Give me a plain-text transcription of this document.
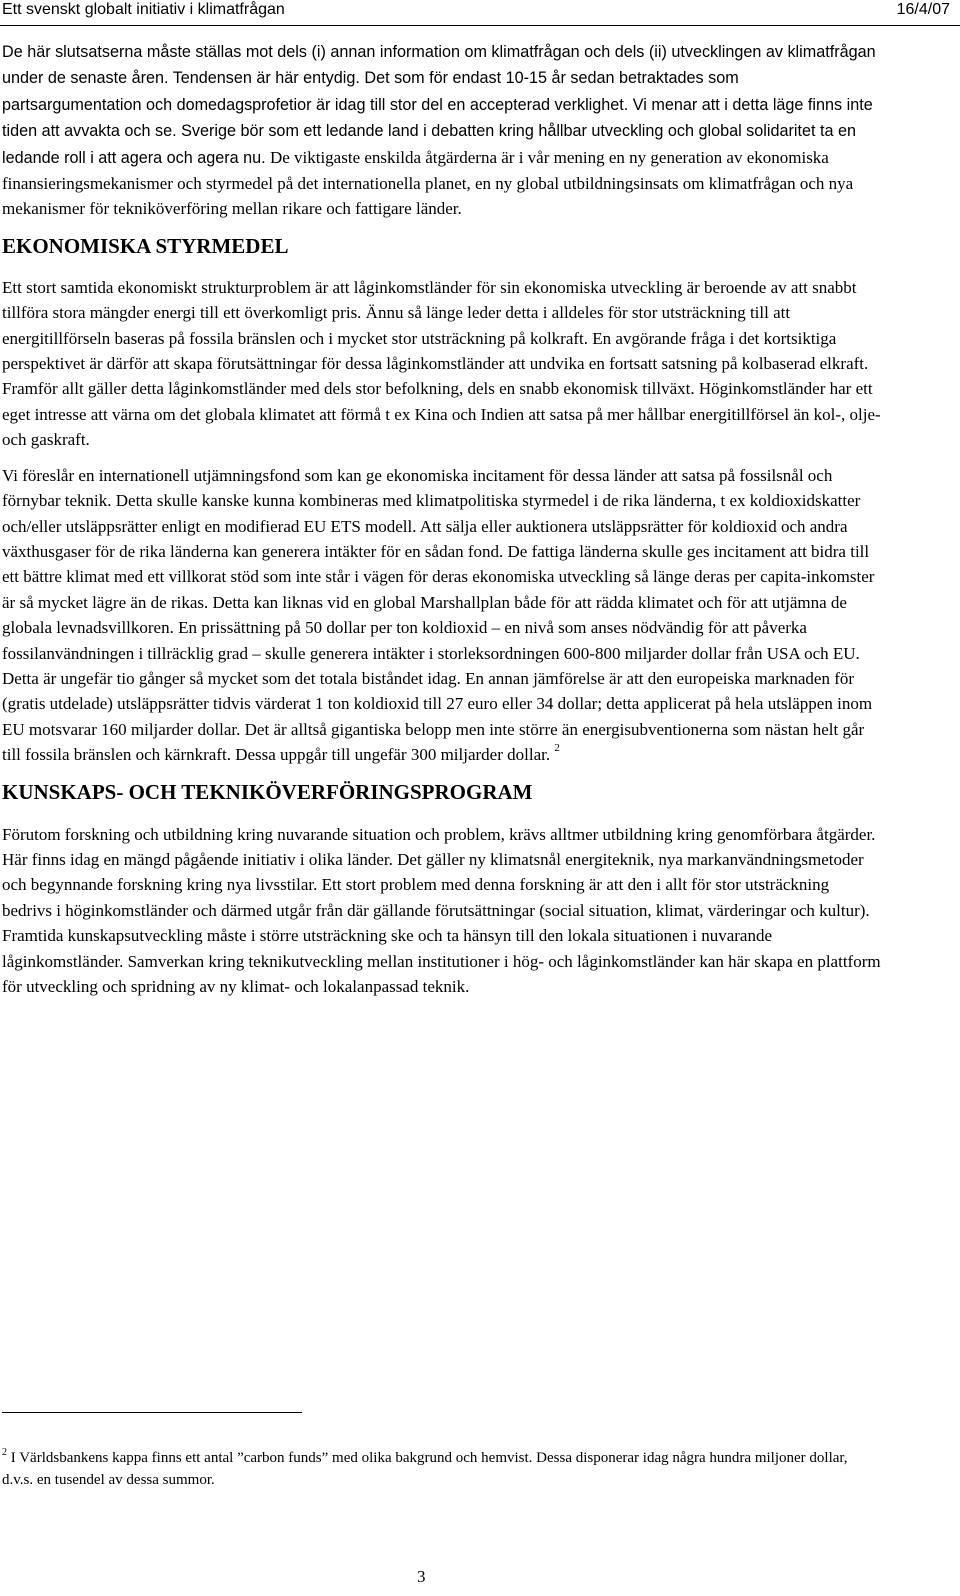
Ett svenskt globalt initiativ i klimatfrågan	16/4/07

De här slutsatserna måste ställas mot dels (i) annan information om klimatfrågan och dels (ii) utvecklingen av klimatfrågan under de senaste åren. Tendensen är här entydig. Det som för endast 10-15 år sedan betraktades som partsargumentation och domedagsprofetior är idag till stor del en accepterad verklighet. Vi menar att i detta läge finns inte tiden att avvakta och se. Sverige bör som ett ledande land i debatten kring hållbar utveckling och global solidaritet ta en ledande roll i att agera och agera nu. De viktigaste enskilda åtgärderna är i vår mening en ny generation av ekonomiska finansieringsmekanismer och styrmedel på det internationella planet, en ny global utbildningsinsats om klimatfrågan och nya mekanismer för tekniköverföring mellan rikare och fattigare länder.

EKONOMISKA STYRMEDEL

Ett stort samtida ekonomiskt strukturproblem är att låginkomstländer för sin ekonomiska utveckling är beroende av att snabbt tillföra stora mängder energi till ett överkomligt pris. Ännu så länge leder detta i alldeles för stor utsträckning till att energitillförseln baseras på fossila bränslen och i mycket stor utsträckning på kolkraft. En avgörande fråga i det kortsiktiga perspektivet är därför att skapa förutsättningar för dessa låginkomstländer att undvika en fortsatt satsning på kolbaserad elkraft. Framför allt gäller detta låginkomstländer med dels stor befolkning, dels en snabb ekonomisk tillväxt. Höginkomstländer har ett eget intresse att värna om det globala klimatet att förmå t ex Kina och Indien att satsa på mer hållbar energitillförsel än kol-, olje- och gaskraft.

Vi föreslår en internationell utjämningsfond som kan ge ekonomiska incitament för dessa länder att satsa på fossilsnål och förnybar teknik. Detta skulle kanske kunna kombineras med klimatpolitiska styrmedel i de rika länderna, t ex koldioxidskatter och/eller utsläppsrätter enligt en modifierad EU ETS modell. Att sälja eller auktionera utsläppsrätter för koldioxid och andra växthusgaser för de rika länderna kan generera intäkter för en sådan fond. De fattiga länderna skulle ges incitament att bidra till ett bättre klimat med ett villkorat stöd som inte står i vägen för deras ekonomiska utveckling så länge deras per capita-inkomster är så mycket lägre än de rikas. Detta kan liknas vid en global Marshallplan både för att rädda klimatet och för att utjämna de globala levnadsvillkoren. En prissättning på 50 dollar per ton koldioxid – en nivå som anses nödvändig för att påverka fossilanvändningen i tillräcklig grad – skulle generera intäkter i storleksordningen 600-800 miljarder dollar från USA och EU. Detta är ungefär tio gånger så mycket som det totala biståndet idag. En annan jämförelse är att den europeiska marknaden för (gratis utdelade) utsläppsrätter tidvis värderat 1 ton koldioxid till 27 euro eller 34 dollar; detta applicerat på hela utsläppen inom EU motsvarar 160 miljarder dollar. Det är alltså gigantiska belopp men inte större än energisubventionerna som nästan helt går till fossila bränslen och kärnkraft. Dessa uppgår till ungefär 300 miljarder dollar. $^2$

KUNSKAPS- OCH TEKNIKÖVERFÖRINGSPROGRAM

Förutom forskning och utbildning kring nuvarande situation och problem, krävs alltmer utbildning kring genomförbara åtgärder. Här finns idag en mängd pågående initiativ i olika länder. Det gäller ny klimatsnål energiteknik, nya markanvändningsmetoder och begynnande forskning kring nya livsstilar. Ett stort problem med denna forskning är att den i allt för stor utsträckning bedrivs i höginkomstländer och därmed utgår från där gällande förutsättningar (social situation, klimat, värderingar och kultur). Framtida kunskapsutveckling måste i större utsträckning ske och ta hänsyn till den lokala situationen i nuvarande låginkomstländer. Samverkan kring teknikutveckling mellan institutioner i hög- och låginkomstländer kan här skapa en plattform för utveckling och spridning av ny klimat- och lokalanpassad teknik.

$^2$ I Världsbankens kappa finns ett antal ”carbon funds” med olika bakgrund och hemvist. Dessa disponerar idag några hundra miljoner dollar, d.v.s. en tusendel av dessa summor.
3
